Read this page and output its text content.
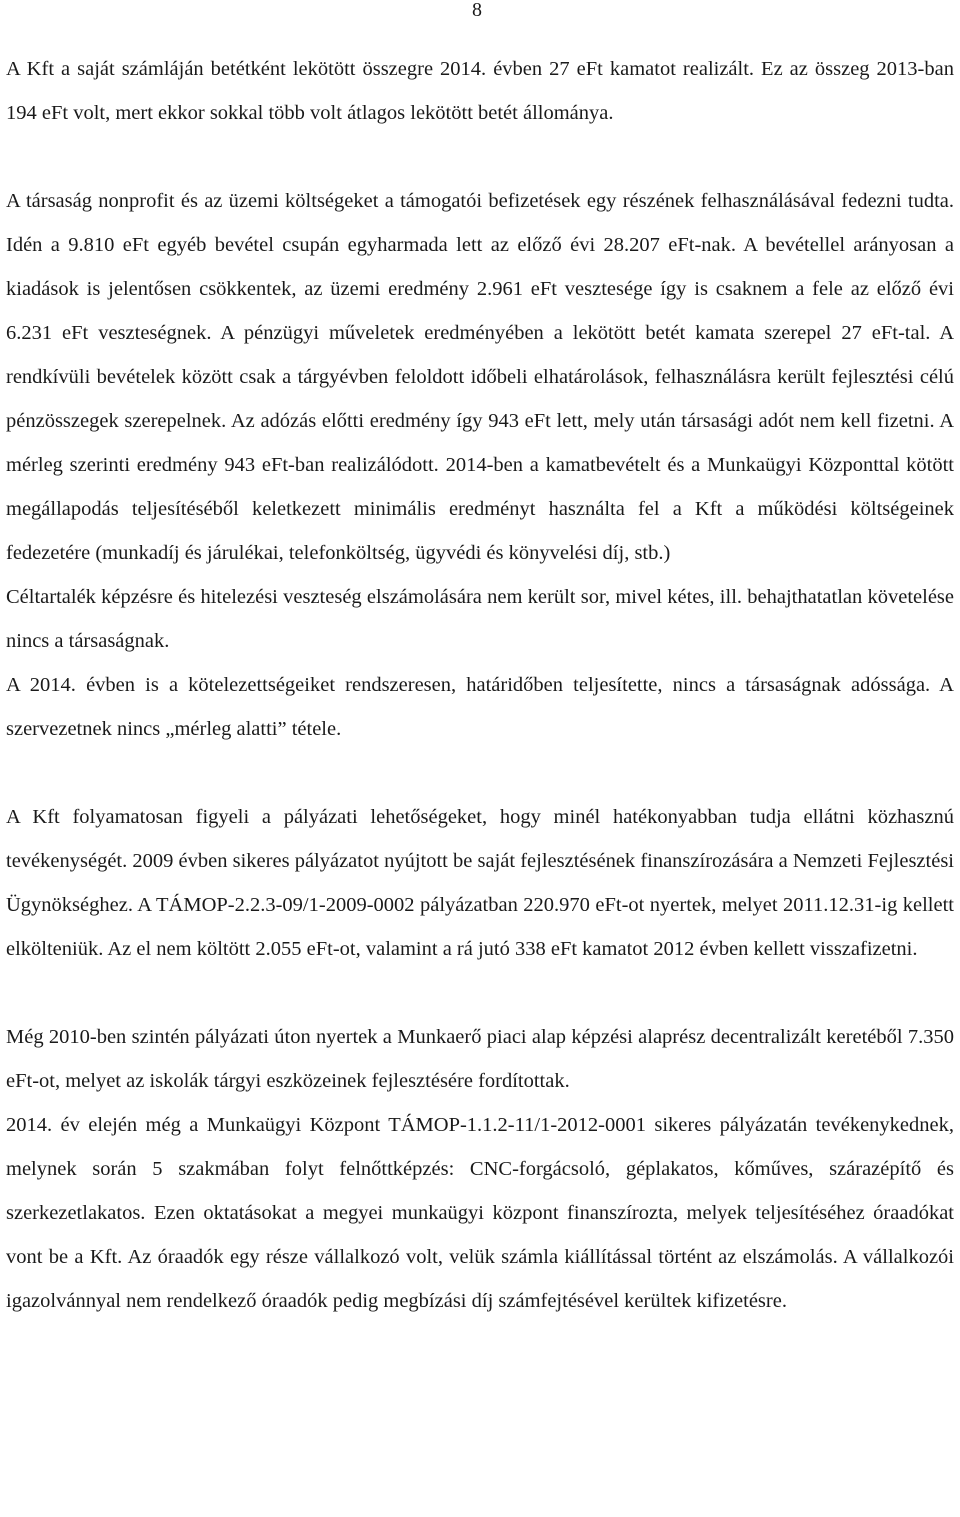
8

A Kft a saját számláján betétként lekötött összegre 2014. évben 27 eFt kamatot realizált. Ez az összeg 2013-ban 194 eFt volt, mert ekkor sokkal több volt átlagos lekötött betét állománya.

A társaság nonprofit és az üzemi költségeket a támogatói befizetések egy részének felhasználásával fedezni tudta. Idén a 9.810 eFt egyéb bevétel csupán egyharmada lett az előző évi 28.207 eFt-nak. A bevétellel arányosan a kiadások is jelentősen csökkentek, az üzemi eredmény 2.961 eFt vesztesége így is csaknem a fele az előző évi 6.231 eFt veszteségnek. A pénzügyi műveletek eredményében a lekötött betét kamata szerepel 27 eFt-tal. A rendkívüli bevételek között csak a tárgyévben feloldott időbeli elhatárolások, felhasználásra került fejlesztési célú pénzösszegek szerepelnek. Az adózás előtti eredmény így 943 eFt lett, mely után társasági adót nem kell fizetni. A mérleg szerinti eredmény 943 eFt-ban realizálódott. 2014-ben a kamatbevételt és a Munkaügyi Központtal kötött megállapodás teljesítéséből keletkezett minimális eredményt használta fel a Kft a működési költségeinek fedezetére (munkadíj és járulékai, telefonköltség, ügyvédi és könyvelési díj, stb.)

Céltartalék képzésre és hitelezési veszteség elszámolására nem került sor, mivel kétes, ill. behajthatatlan követelése nincs a társaságnak.

A 2014. évben is a kötelezettségeiket rendszeresen, határidőben teljesítette, nincs a társaságnak adóssága. A szervezetnek nincs „mérleg alatti” tétele.

A Kft folyamatosan figyeli a pályázati lehetőségeket, hogy minél hatékonyabban tudja ellátni közhasznú tevékenységét. 2009 évben sikeres pályázatot nyújtott be saját fejlesztésének finanszírozására a Nemzeti Fejlesztési Ügynökséghez. A TÁMOP-2.2.3-09/1-2009-0002 pályázatban 220.970 eFt-ot nyertek, melyet 2011.12.31-ig kellett elkölteniük. Az el nem költött 2.055 eFt-ot, valamint a rá jutó 338 eFt kamatot 2012 évben kellett visszafizetni.

Még 2010-ben szintén pályázati úton nyertek a Munkaerő piaci alap képzési alaprész decentralizált keretéből 7.350 eFt-ot, melyet az iskolák tárgyi eszközeinek fejlesztésére fordítottak.

2014. év elején még a Munkaügyi Központ TÁMOP-1.1.2-11/1-2012-0001 sikeres pályázatán tevékenykednek, melynek során 5 szakmában folyt felnőttképzés: CNC-forgácsoló, géplakatos, kőműves, szárazépítő és szerkezetlakatos. Ezen oktatásokat a megyei munkaügyi központ finanszírozta, melyek teljesítéséhez óraadókat vont be a Kft. Az óraadók egy része vállalkozó volt, velük számla kiállítással történt az elszámolás. A vállalkozói igazolvánnyal nem rendelkező óraadók pedig megbízási díj számfejtésével kerültek kifizetésre.
